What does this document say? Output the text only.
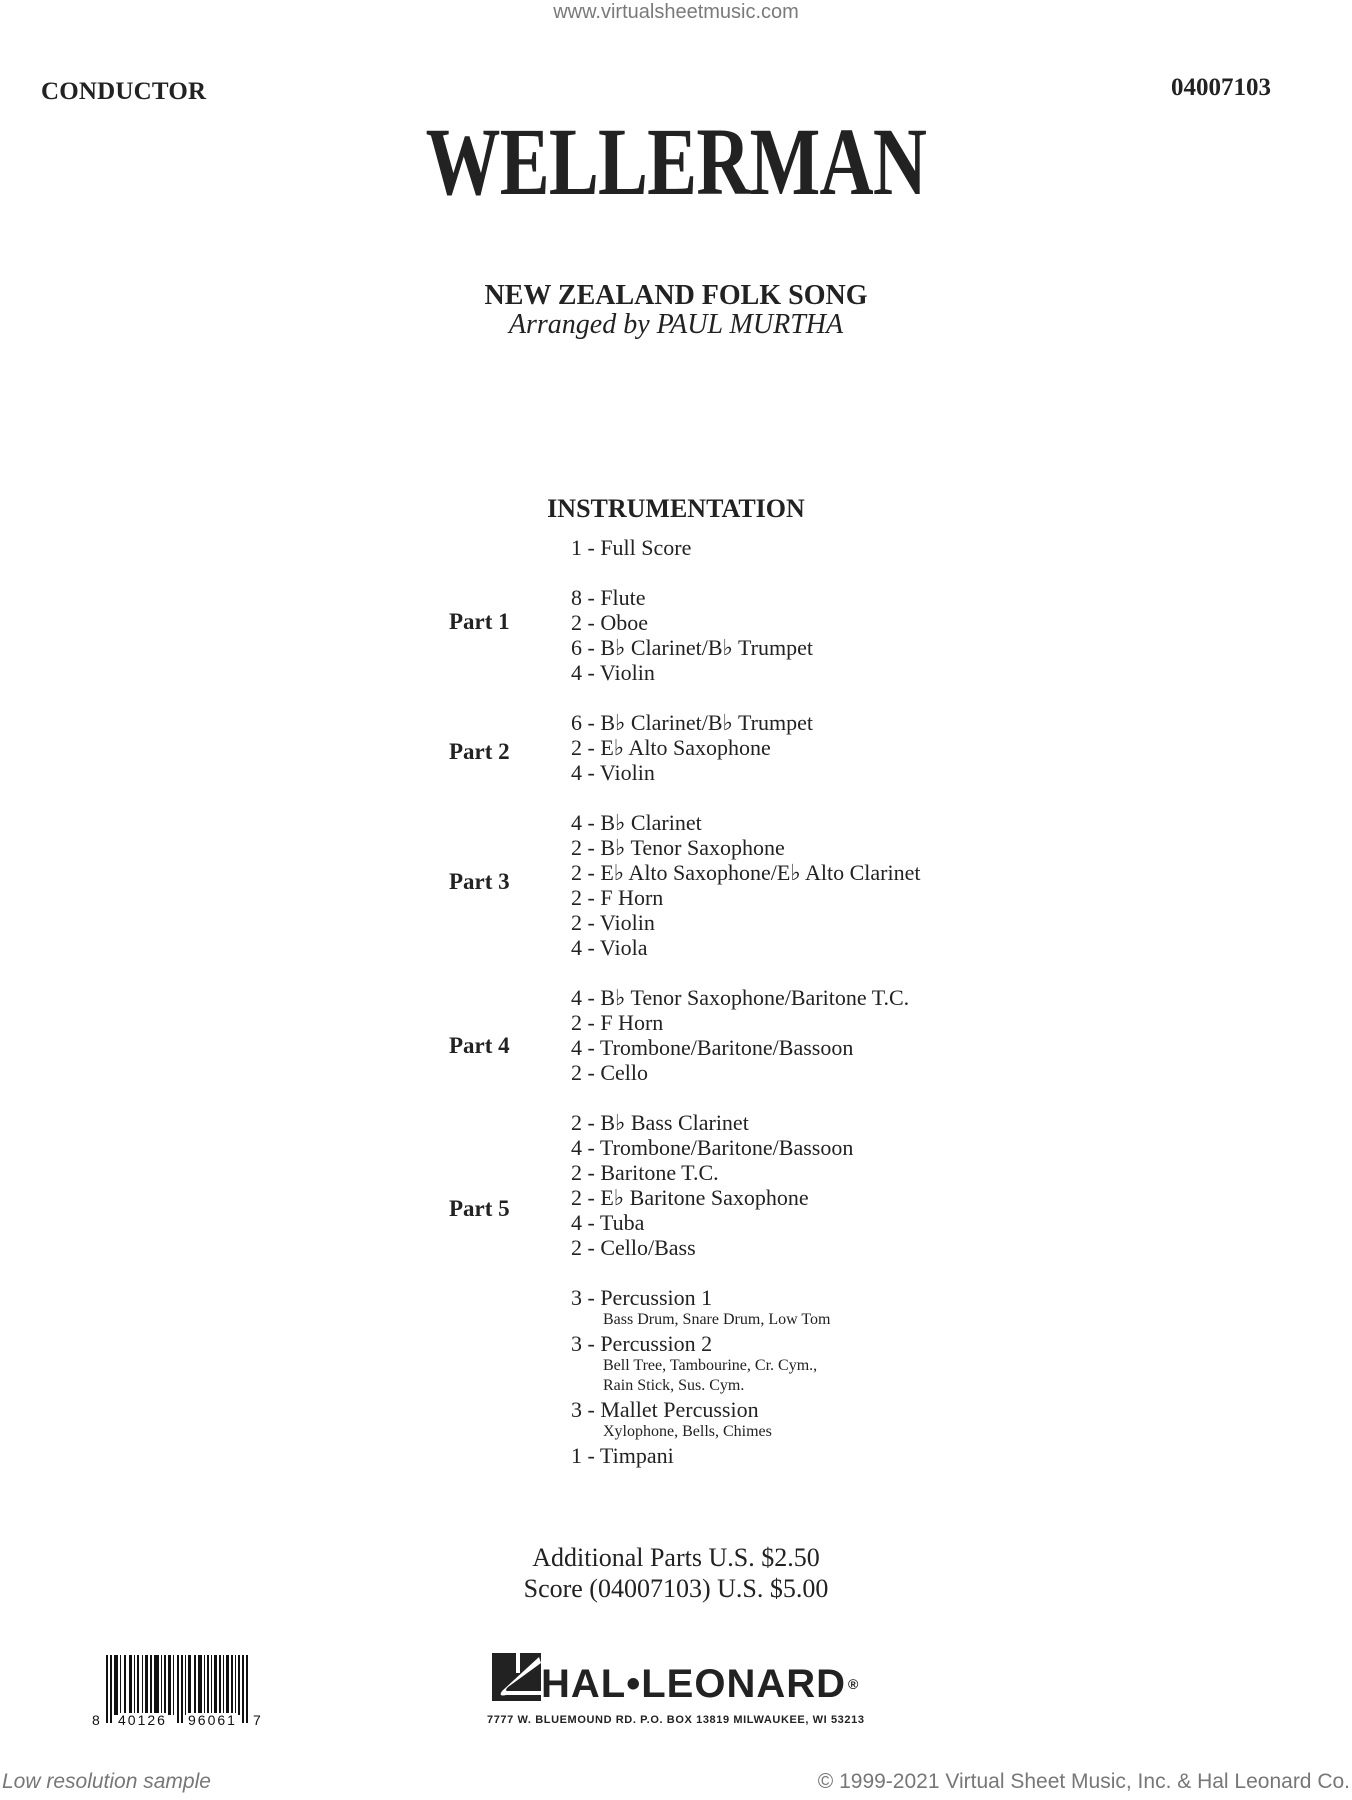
www.virtualsheetmusic.com
CONDUCTOR	04007103
WELLERMAN
NEW ZEALAND FOLK SONG
Arranged by PAUL MURTHA
INSTRUMENTATION
1 - Full Score
Part 1
8 - Flute
2 - Oboe
6 - B♭ Clarinet/B♭ Trumpet
4 - Violin
Part 2
6 - B♭ Clarinet/B♭ Trumpet
2 - E♭ Alto Saxophone
4 - Violin
Part 3
4 - B♭ Clarinet
2 - B♭ Tenor Saxophone
2 - E♭ Alto Saxophone/E♭ Alto Clarinet
2 - F Horn
2 - Violin
4 - Viola
Part 4
4 - B♭ Tenor Saxophone/Baritone T.C.
2 - F Horn
4 - Trombone/Baritone/Bassoon
2 - Cello
Part 5
2 - B♭ Bass Clarinet
4 - Trombone/Baritone/Bassoon
2 - Baritone T.C.
2 - E♭ Baritone Saxophone
4 - Tuba
2 - Cello/Bass
3 - Percussion 1
Bass Drum, Snare Drum, Low Tom
3 - Percussion 2
Bell Tree, Tambourine, Cr. Cym.,
Rain Stick, Sus. Cym.
3 - Mallet Percussion
Xylophone, Bells, Chimes
1 - Timpani
Additional Parts U.S. $2.50
Score (04007103) U.S. $5.00
8 40126 96061 7
HAL•LEONARD ®
7777 W. BLUEMOUND RD. P.O. BOX 13819 MILWAUKEE, WI 53213
Low resolution sample	© 1999-2021 Virtual Sheet Music, Inc. & Hal Leonard Co.
